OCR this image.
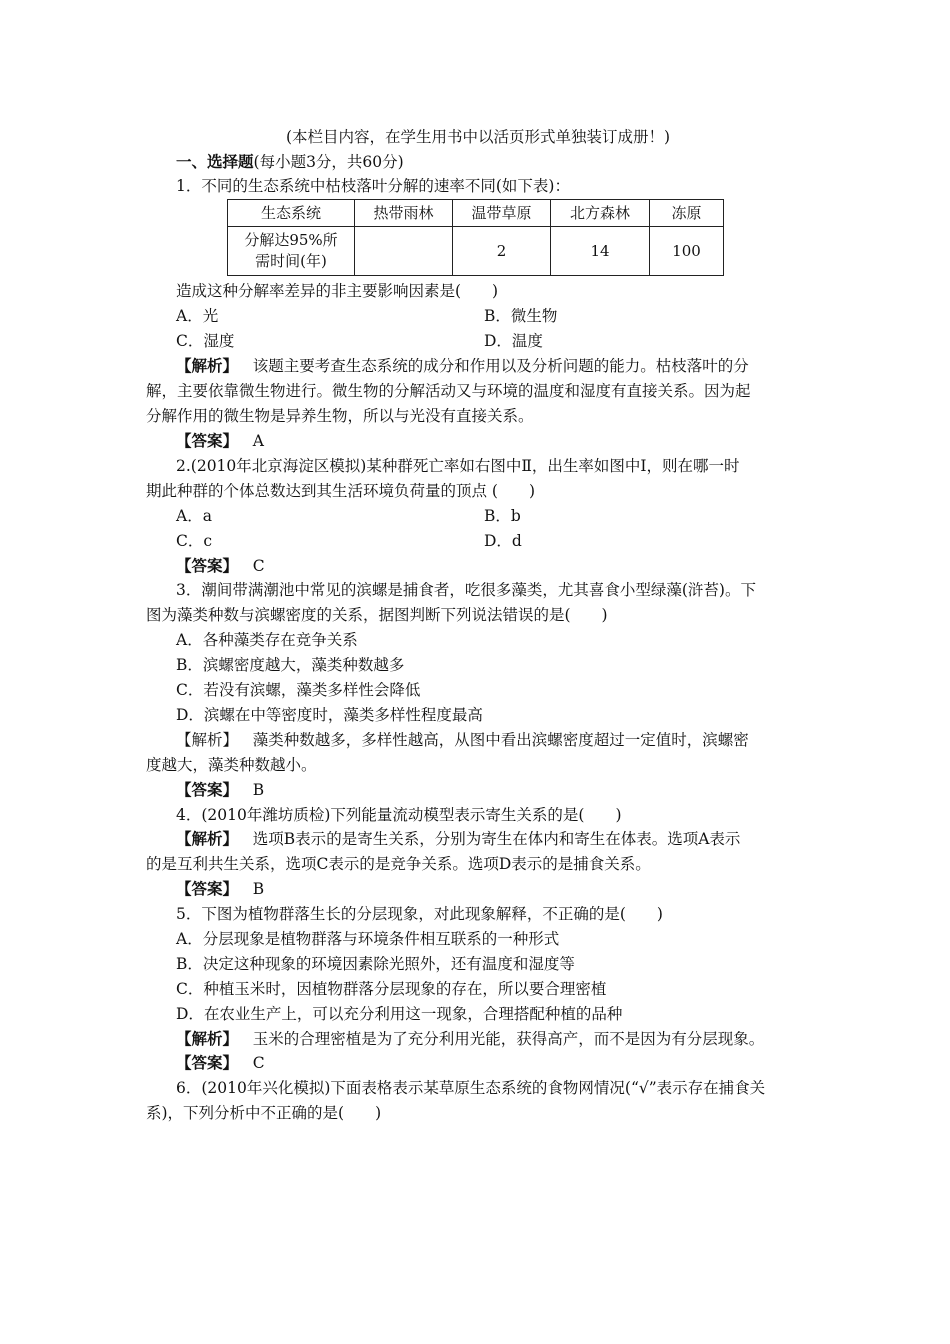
(本栏目内容，在学生用书中以活页形式单独装订成册！)
一、选择题(每小题3分，共60分)
1．不同的生态系统中枯枝落叶分解的速率不同(如下表)：
生态系统	热带雨林	温带草原	北方森林	冻原

分解达95%所
需时间(年)		2	14	100
造成这种分解率差异的非主要影响因素是(　　)
A．光	B．微生物
C．湿度	D．温度
【解析】 该题主要考查生态系统的成分和作用以及分析问题的能力。枯枝落叶的分
解，主要依靠微生物进行。微生物的分解活动又与环境的温度和湿度有直接关系。因为起
分解作用的微生物是异养生物，所以与光没有直接关系。
【答案】 A
2.(2010年北京海淀区模拟)某种群死亡率如右图中Ⅱ，出生率如图中Ⅰ，则在哪一时
期此种群的个体总数达到其生活环境负荷量的顶点 (　　)
A．a	B．b
C．c	D．d
【答案】 C
3．潮间带满潮池中常见的滨螺是捕食者，吃很多藻类，尤其喜食小型绿藻(浒苔)。下
图为藻类种数与滨螺密度的关系，据图判断下列说法错误的是(　　)
A．各种藻类存在竞争关系
B．滨螺密度越大，藻类种数越多
C．若没有滨螺，藻类多样性会降低
D．滨螺在中等密度时，藻类多样性程度最高
【解析】 藻类种数越多，多样性越高，从图中看出滨螺密度超过一定值时，滨螺密
度越大，藻类种数越小。
【答案】 B
4．(2010年潍坊质检)下列能量流动模型表示寄生关系的是(　　)
【解析】 选项B表示的是寄生关系，分别为寄生在体内和寄生在体表。选项A表示
的是互利共生关系，选项C表示的是竞争关系。选项D表示的是捕食关系。
【答案】 B
5．下图为植物群落生长的分层现象，对此现象解释，不正确的是(　　)
A．分层现象是植物群落与环境条件相互联系的一种形式
B．决定这种现象的环境因素除光照外，还有温度和湿度等
C．种植玉米时，因植物群落分层现象的存在，所以要合理密植
D．在农业生产上，可以充分利用这一现象，合理搭配种植的品种
【解析】 玉米的合理密植是为了充分利用光能，获得高产，而不是因为有分层现象。
【答案】 C
6．(2010年兴化模拟)下面表格表示某草原生态系统的食物网情况(“√”表示存在捕食关
系)，下列分析中不正确的是(　　)
